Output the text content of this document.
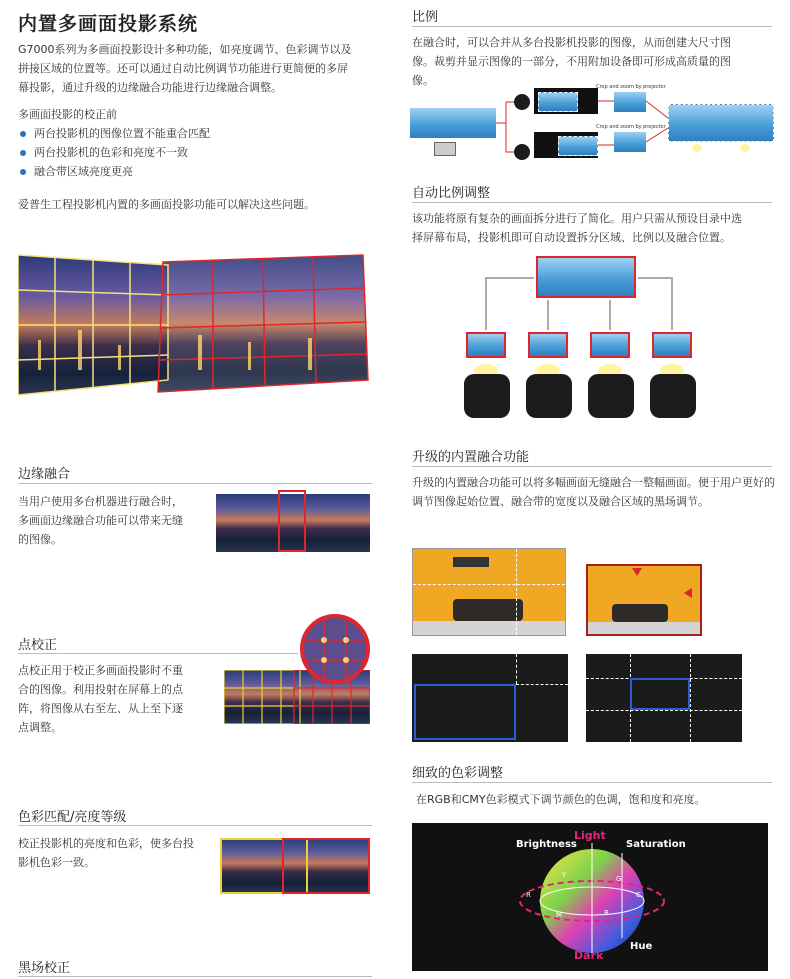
内置多画面投影系统
G7000系列为多画面投影设计多种功能，如亮度调节、色彩调节以及
拼接区域的位置等。还可以通过自动比例调节功能进行更简便的多屏
幕投影，通过升级的边缘融合功能进行边缘融合调整。
多画面投影的校正前
两台投影机的图像位置不能重合匹配
两台投影机的色彩和亮度不一致
融合带区域亮度更亮
爱普生工程投影机内置的多画面投影功能可以解决这些问题。
边缘融合
当用户使用多台机器进行融合时，
多画面边缘融合功能可以带来无缝
的图像。
点校正
点校正用于校正多画面投影时不重
合的图像。利用投射在屏幕上的点
阵，将图像从右至左、从上至下逐
点调整。
色彩匹配/亮度等级
校正投影机的亮度和色彩，使多台投
影机色彩一致。
黑场校正
比例
在融合时，可以合并从多台投影机投影的图像，从而创建大尺寸图
像。裁剪并显示图像的一部分，不用附加设备即可形成高质量的图
像。	Crop and zoom by projector
Crop and zoom by projector
自动比例调整
该功能将原有复杂的画面拆分进行了简化。用户只需从预设目录中选
择屏幕布局，投影机即可自动设置拆分区域、比例以及融合位置。
升级的内置融合功能
升级的内置融合功能可以将多幅画面无缝融合一整幅画面。便于用户更好的
调节图像起始位置、融合带的宽度以及融合区域的黑场调节。
细致的色彩调整
在RGB和CMY色彩模式下调节颜色的色调，饱和度和亮度。
Light
Brightness	Saturation
Hue
Dark
Y	G
R	C
M	B
